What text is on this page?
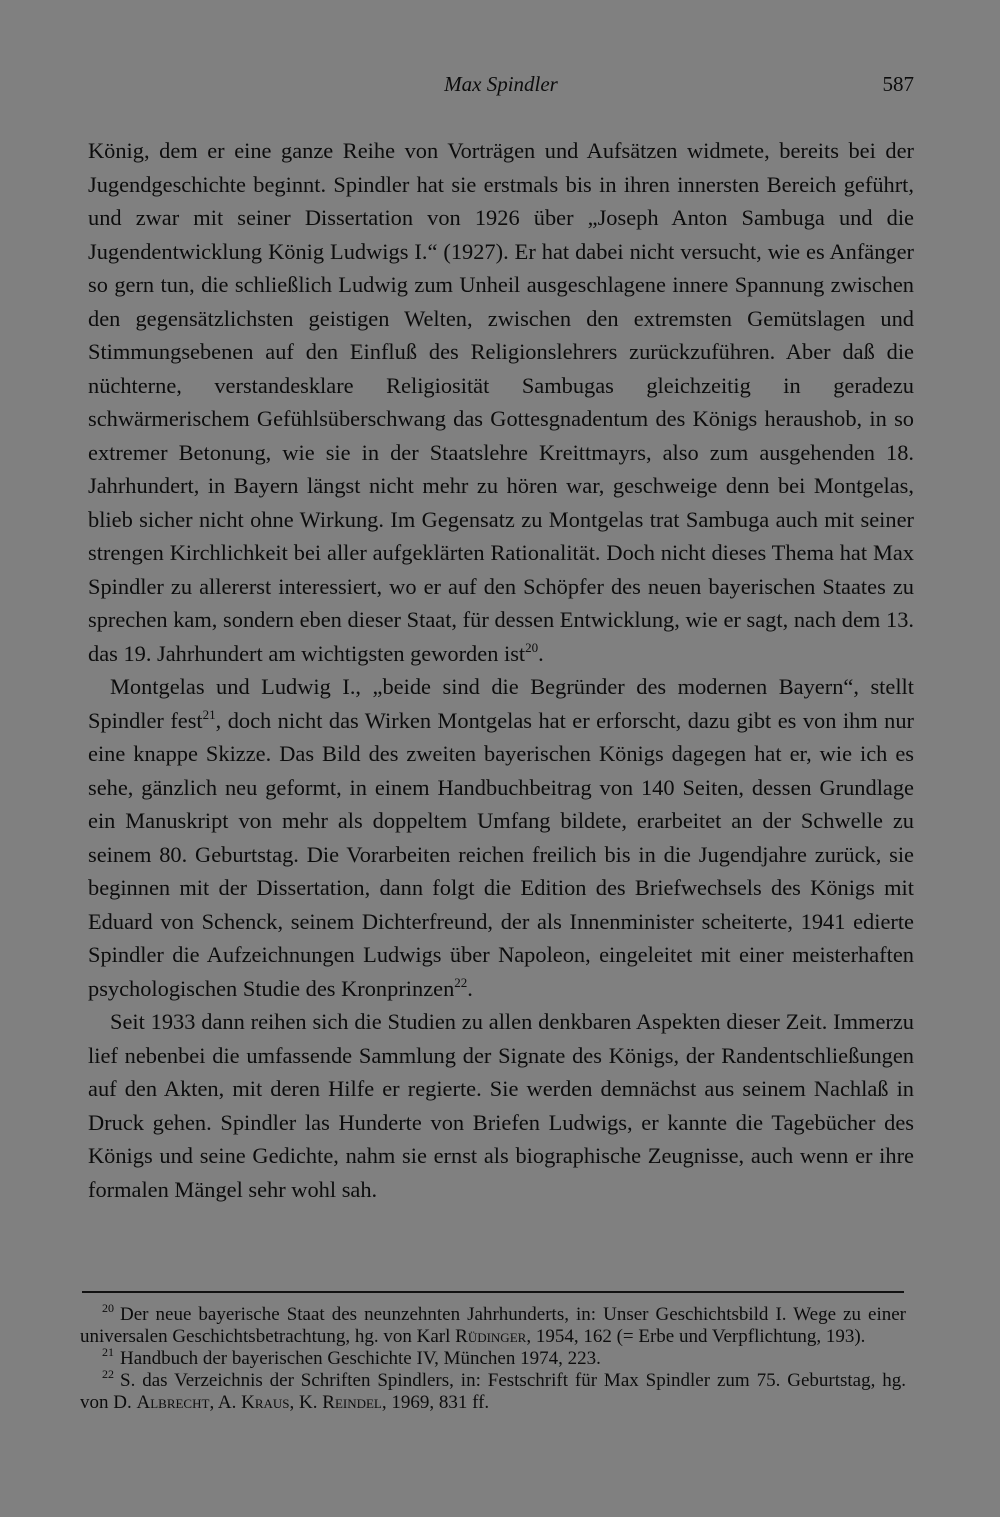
Max Spindler	587

König, dem er eine ganze Reihe von Vorträgen und Aufsätzen widmete, bereits bei der Jugendgeschichte beginnt. Spindler hat sie erstmals bis in ihren innersten Bereich geführt, und zwar mit seiner Dissertation von 1926 über „Joseph Anton Sambuga und die Jugendentwicklung König Ludwigs I.“ (1927). Er hat dabei nicht versucht, wie es Anfänger so gern tun, die schließlich Ludwig zum Unheil ausgeschlagene innere Spannung zwischen den gegensätzlichsten geistigen Welten, zwischen den extremsten Gemütslagen und Stimmungsebenen auf den Einfluß des Religionslehrers zurückzuführen. Aber daß die nüchterne, verstandesklare Religiosität Sambugas gleichzeitig in geradezu schwärmerischem Gefühlsüberschwang das Gottesgnadentum des Königs heraushob, in so extremer Betonung, wie sie in der Staatslehre Kreittmayrs, also zum ausgehenden 18. Jahrhundert, in Bayern längst nicht mehr zu hören war, geschweige denn bei Montgelas, blieb sicher nicht ohne Wirkung. Im Gegensatz zu Montgelas trat Sambuga auch mit seiner strengen Kirchlichkeit bei aller aufgeklärten Rationalität. Doch nicht dieses Thema hat Max Spindler zu allererst interessiert, wo er auf den Schöpfer des neuen bayerischen Staates zu sprechen kam, sondern eben dieser Staat, für dessen Entwicklung, wie er sagt, nach dem 13. das 19. Jahrhundert am wichtigsten geworden ist$^{20}$.

Montgelas und Ludwig I., „beide sind die Begründer des modernen Bayern“, stellt Spindler fest$^{21}$, doch nicht das Wirken Montgelas hat er erforscht, dazu gibt es von ihm nur eine knappe Skizze. Das Bild des zweiten bayerischen Königs dagegen hat er, wie ich es sehe, gänzlich neu geformt, in einem Handbuchbeitrag von 140 Seiten, dessen Grundlage ein Manuskript von mehr als doppeltem Umfang bildete, erarbeitet an der Schwelle zu seinem 80. Geburtstag. Die Vorarbeiten reichen freilich bis in die Jugendjahre zurück, sie beginnen mit der Dissertation, dann folgt die Edition des Briefwechsels des Königs mit Eduard von Schenck, seinem Dichterfreund, der als Innenminister scheiterte, 1941 edierte Spindler die Aufzeichnungen Ludwigs über Napoleon, eingeleitet mit einer meisterhaften psychologischen Studie des Kronprinzen$^{22}$.

Seit 1933 dann reihen sich die Studien zu allen denkbaren Aspekten dieser Zeit. Immerzu lief nebenbei die umfassende Sammlung der Signate des Königs, der Randentschließungen auf den Akten, mit deren Hilfe er regierte. Sie werden demnächst aus seinem Nachlaß in Druck gehen. Spindler las Hunderte von Briefen Ludwigs, er kannte die Tagebücher des Königs und seine Gedichte, nahm sie ernst als biographische Zeugnisse, auch wenn er ihre formalen Mängel sehr wohl sah.

$^{20}$ Der neue bayerische Staat des neunzehnten Jahrhunderts, in: Unser Geschichtsbild I. Wege zu einer universalen Geschichtsbetrachtung, hg. von Karl Rüdinger, 1954, 162 (= Erbe und Verpflichtung, 193).

$^{21}$ Handbuch der bayerischen Geschichte IV, München 1974, 223.

$^{22}$ S. das Verzeichnis der Schriften Spindlers, in: Festschrift für Max Spindler zum 75. Geburtstag, hg. von D. Albrecht, A. Kraus, K. Reindel, 1969, 831 ff.
